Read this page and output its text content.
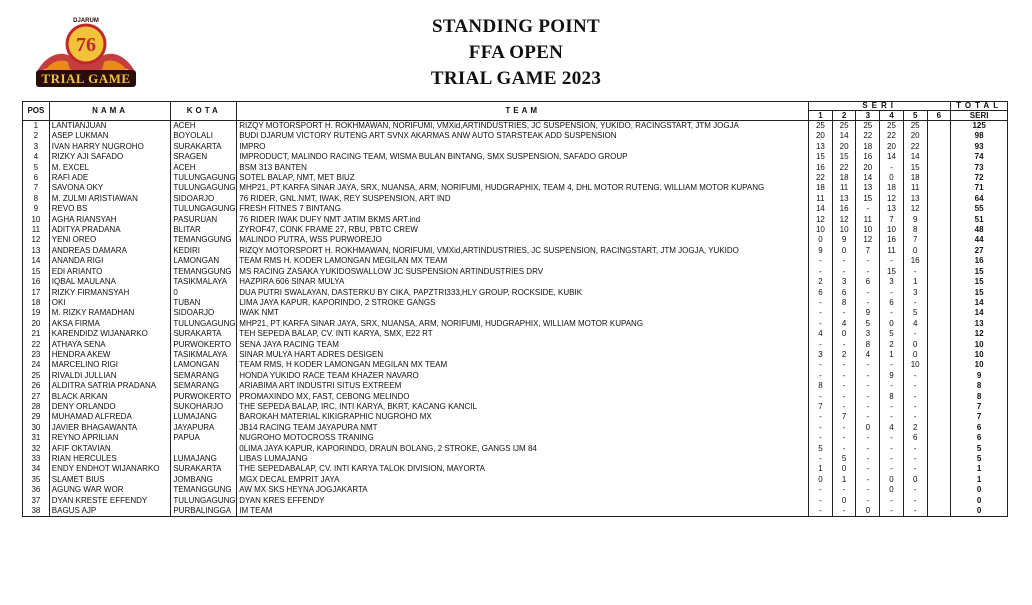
76
DJARUM
TRIAL GAME
STANDING POINT
FFA OPEN
TRIAL GAME 2023
POS	NAMA	KOTA	TEAM	SERI						TOTAL
				1	2	3	4	5	6	SERI
1	LANTIANJUAN	ACEH	RIZQY MOTORSPORT H. ROKHMAWAN, NORIFUMI, VMXid,ARTINDUSTRIES, JC SUSPENSION, YUKIDO, RACINGSTART, JTM JOGJA	25	25	25	25	25		125
2	ASEP LUKMAN	BOYOLALI	BUDI DJARUM VICTORY RUTENG ART SVNX AKARMAS ANW AUTO STARSTEAK ADD SUSPENSION	20	14	22	22	20		98
3	IVAN HARRY NUGROHO	SURAKARTA	IMPRO	13	20	18	20	22		93
4	RIZKY AJI SAFADO	SRAGEN	IMPRODUCT, MALINDO RACING TEAM, WISMA BULAN BINTANG, SMX SUSPENSION, SAFADO GROUP	15	15	16	14	14		74
5	M. EXCEL	ACEH	BSM 313 BANTEN	16	22	20	-	15		73
6	RAFI ADE	TULUNGAGUNG	SOTEL BALAP, NMT, MET BIUZ	22	18	14	0	18		72
7	SAVONA OKY	TULUNGAGUNG	MHP21, PT KARFA SINAR JAYA, SRX, NUANSA, ARM, NORIFUMI, HUDGRAPHIX, TEAM 4, DHL MOTOR RUTENG, WILLIAM MOTOR KUPANG	18	11	13	18	11		71
8	M. ZULMI ARISTIAWAN	SIDOARJO	76 RIDER, GNL.NMT, IWAK, REY SUSPENSION, ART IND	11	13	15	12	13		64
9	REVO BS	TULUNGAGUNG	FRESH FITNES 7 BINTANG	14	16	-	13	12		55
10	AGHA RIANSYAH	PASURUAN	76 RIDER IWAK DUFY NMT JATIM BKMS ART.ind	12	12	11	7	9		51
11	ADITYA PRADANA	BLITAR	ZYROF47, CONK FRAME 27, RBU, PBTC CREW	10	10	10	10	8		48
12	YENI OREO	TEMANGGUNG	MALINDO PUTRA, WSS PURWOREJO	0	9	12	16	7		44
13	ANDREAS DAMARA	KEDIRI	RIZQY MOTORSPORT H. ROKHMAWAN, NORIFUMI, VMXid,ARTINDUSTRIES, JC SUSPENSION, RACINGSTART, JTM JOGJA, YUKIDO	9	0	7	11	0		27
14	ANANDA RIGI	LAMONGAN	TEAM RMS H. KODER LAMONGAN MEGILAN MX TEAM	-	-	-	-	16		16
15	EDI ARIANTO	TEMANGGUNG	MS RACING ZASAKA YUKIDOSWALLOW JC SUSPENSION ARTINDUSTRIES DRV	-	-	-	15	-		15
16	IQBAL MAULANA	TASIKMALAYA	HAZPIRA 606 SINAR MULYA	2	3	6	3	1		15
17	RIZKY FIRMANSYAH	0	DUA PUTRI SWALAYAN, DASTERKU BY CIKA, PAPZTRI333,HLY GROUP, ROCKSIDE, KUBIK	6	6	-	-	3		15
18	OKI	TUBAN	LIMA JAYA KAPUR, KAPORINDO, 2 STROKE GANGS	-	8	-	6	-		14
19	M. RIZKY RAMADHAN	SIDOARJO	IWAK NMT	-	-	9	-	5		14
20	AKSA FIRMA	TULUNGAGUNG	MHP21, PT KARFA SINAR JAYA, SRX, NUANSA, ARM, NORIFUMI, HUDGRAPHIX, WILLIAM MOTOR KUPANG	-	4	5	0	4		13
21	KARENDIDZ WIJANARKO	SURAKARTA	TEH SEPEDA BALAP, CV. INTI KARYA, SMX, E22 RT	4	0	3	5	-		12
22	ATHAYA SENA	PURWOKERTO	SENA JAYA RACING TEAM	-	-	8	2	0		10
23	HENDRA AKEW	TASIKMALAYA	SINAR MULYA HART ADRES DESIGEN	3	2	4	1	0		10
24	MARCELINO RIGI	LAMONGAN	TEAM RMS, H KODER LAMONGAN MEGILAN MX TEAM	-	-	-	-	10		10
25	RIVALDI JULLIAN	SEMARANG	HONDA YUKIDO RACE TEAM KHAZER NAVARO	-	-	-	9	-		9
26	ALDITRA SATRIA PRADANA	SEMARANG	ARIABIMA ART INDUSTRI SITUS EXTREEM	8	-	-	-	-		8
27	BLACK ARKAN	PURWOKERTO	PROMAXINDO MX, FAST, CEBONG MELINDO	-	-	-	8	-		8
28	DENY ORLANDO	SUKOHARJO	THE SEPEDA BALAP, IRC, INTI KARYA, BKRT, KACANG KANCIL	7	-	-	-	-		7
29	MUHAMAD ALFREDA	LUMAJANG	BAROKAH MATERIAL KIKIGRAPHIC NUGROHO MX	-	7	-	-	-		7
30	JAVIER BHAGAWANTA	JAYAPURA	JB14 RACING TEAM JAYAPURA NMT	-	-	0	4	2		6
31	REYNO APRILIAN	PAPUA	NUGROHO MOTOCROSS TRANING	-	-	-	-	6		6
32	AFIF OKTAVIAN		0LIMA JAYA KAPUR, KAPORINDO, DRAUN BOLANG, 2 STROKE, GANGS IJM 84	5	-	-	-	-		5
33	RIAN HERCULES	LUMAJANG	LIBAS LUMAJANG	-	5	-	-	-		5
34	ENDY ENDHOT WIJANARKO	SURAKARTA	THE SEPEDABALAP, CV. INTI KARYA TALOK DIVISION, MAYORTA	1	0	-	-	-		1
35	SLAMET BIUS	JOMBANG	MGX DECAL EMPRIT JAYA	0	1	-	0	0		1
36	AGUNG WAR WOR	TEMANGGUNG	AW MX SKS HEYNA JOGJAKARTA	-	-	-	0	-		0
37	DYAN KRESTE EFFENDY	TULUNGAGUNG	DYAN KRES EFFENDY	-	0	-	-	-		0
38	BAGUS AJP	PURBALINGGA	IM TEAM	-	-	0	-	-		0
